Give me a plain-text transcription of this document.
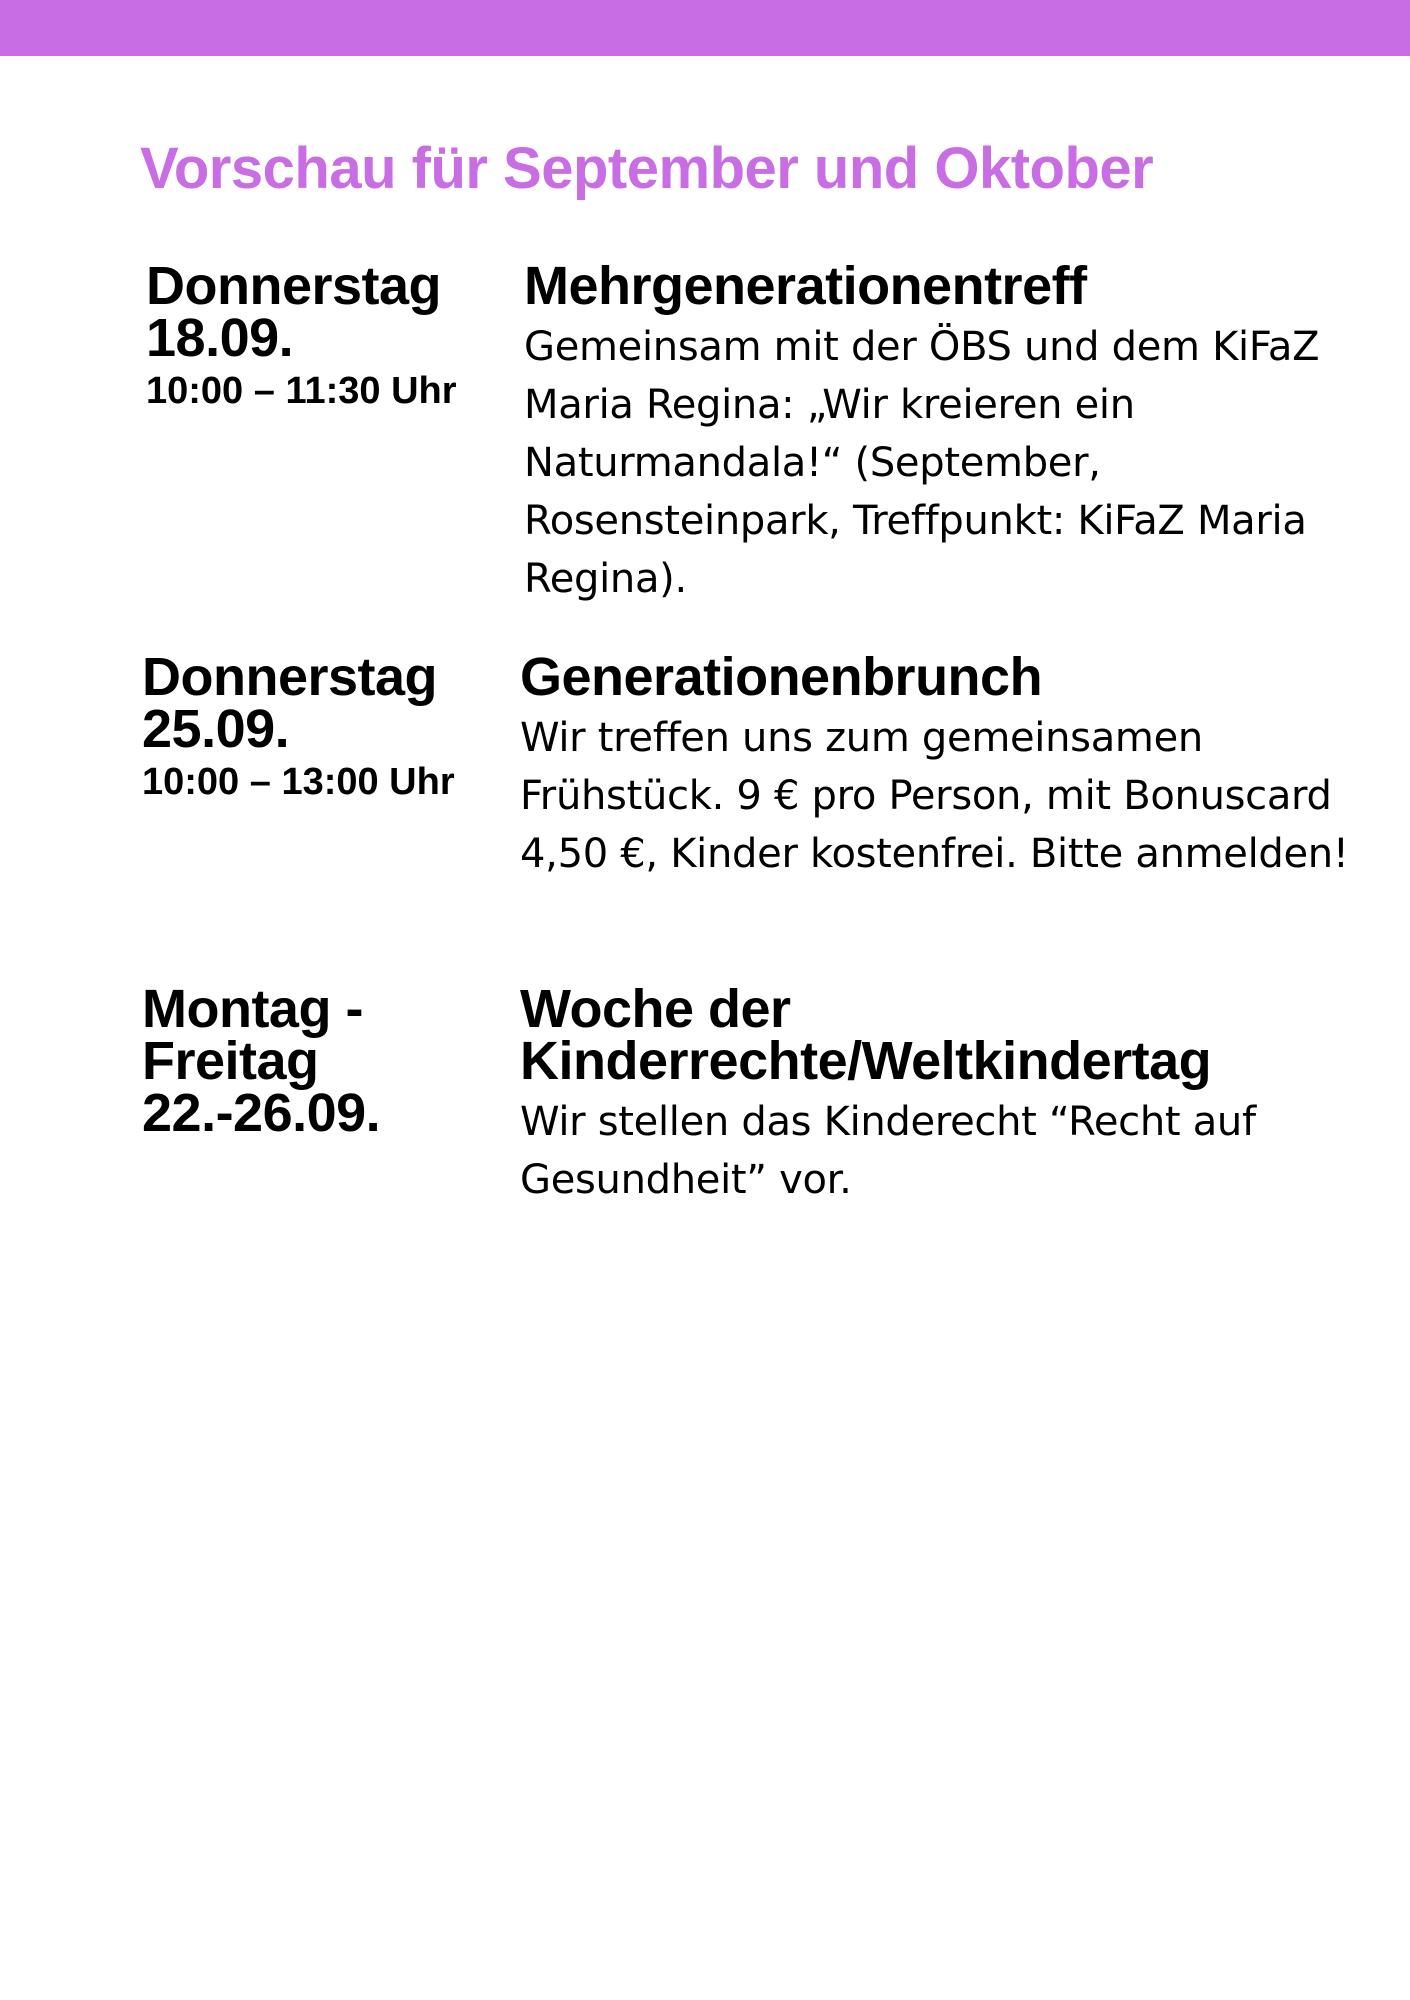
Vorschau für September und Oktober
Donnerstag
18.09.
10:00 – 11:30 Uhr
Mehrgenerationentreff
Gemeinsam mit der ÖBS und dem KiFaZ Maria Regina: „Wir kreieren ein Naturmandala!“ (September, Rosensteinpark, Treffpunkt: KiFaZ Maria Regina).
Donnerstag
25.09.
10:00 – 13:00 Uhr
Generationenbrunch
Wir treffen uns zum gemeinsamen Frühstück. 9 € pro Person, mit Bonuscard 4,50 €, Kinder kostenfrei. Bitte anmelden!
Montag -
Freitag
22.-26.09.
Woche der
Kinderrechte/Weltkindertag
Wir stellen das Kinderecht “Recht auf Gesundheit” vor.
